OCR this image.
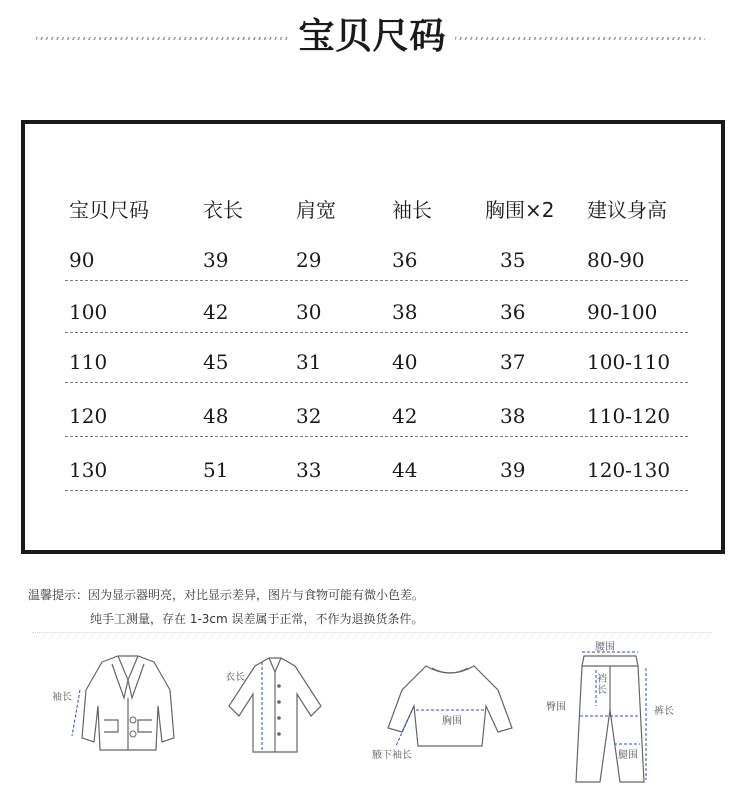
宝贝尺码
宝贝尺码	衣长	肩宽	袖长	胸围×2 建议身高
90	39	29	36	35	80-90
100	42	30	38	36	90-100
110	45	31	40	37	100-110
120	48	32	42	38	110-120
130	51	33	44	39	120-130
温馨提示：因为显示器明亮，对比显示差异，图片与食物可能有微小色差。
纯手工测量，存在 1-3cm 误差属于正常，不作为退换货条件。
袖长
衣长
胸围
腋下袖长
腰围
裆长
臀围	裤长
腿围
